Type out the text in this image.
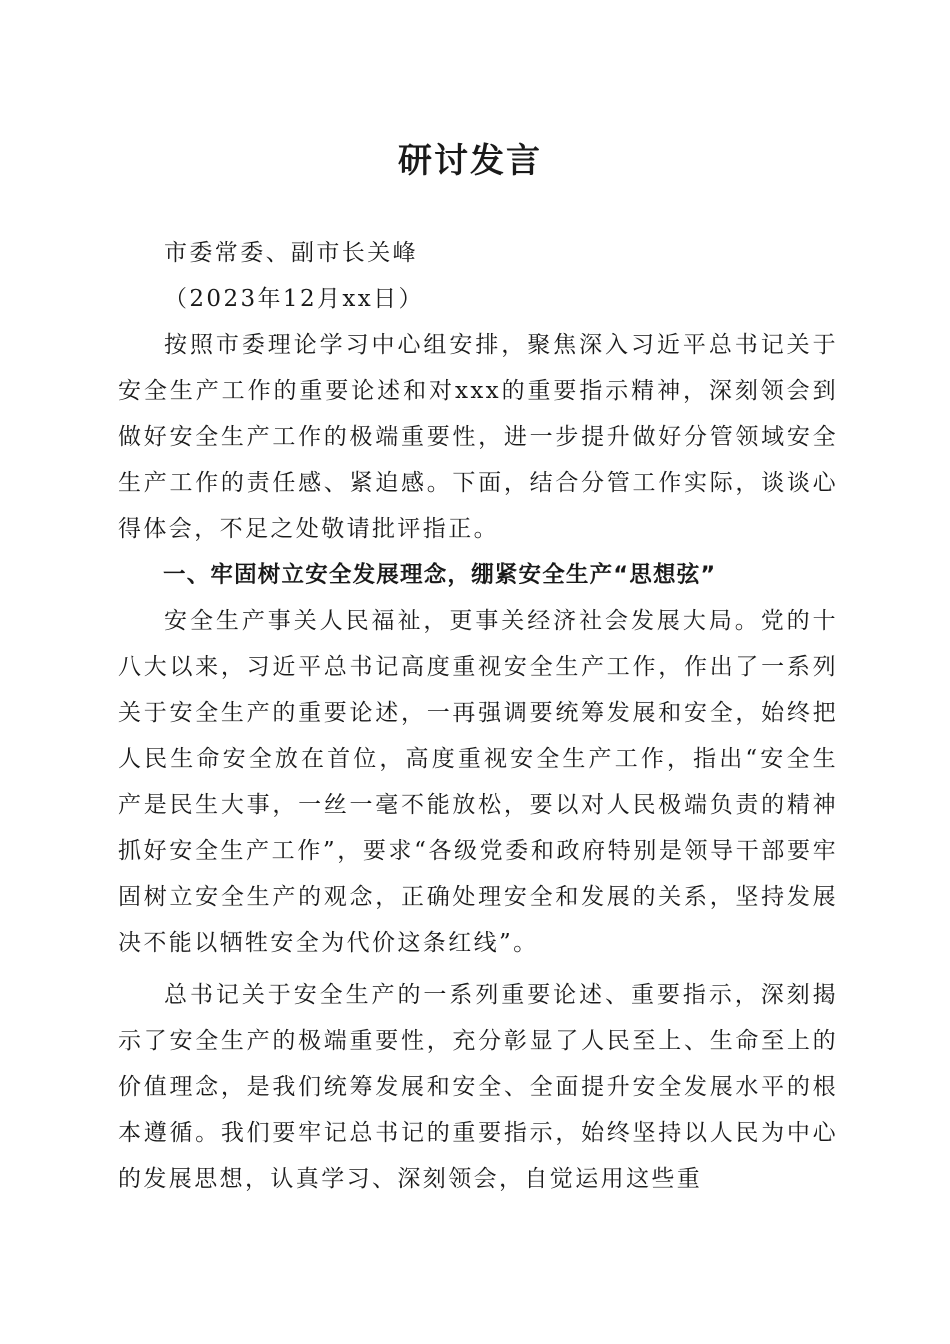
研讨发言

市委常委、副市长关峰

（2023年12月xx日）

按照市委理论学习中心组安排，聚焦深入习近平总书记关于安全生产工作的重要论述和对xxx的重要指示精神，深刻领会到做好安全生产工作的极端重要性，进一步提升做好分管领域安全生产工作的责任感、紧迫感。下面，结合分管工作实际，谈谈心得体会，不足之处敬请批评指正。

一、牢固树立安全发展理念，绷紧安全生产“思想弦”

安全生产事关人民福祉，更事关经济社会发展大局。党的十八大以来，习近平总书记高度重视安全生产工作，作出了一系列关于安全生产的重要论述，一再强调要统筹发展和安全，始终把人民生命安全放在首位，高度重视安全生产工作，指出“安全生产是民生大事，一丝一毫不能放松，要以对人民极端负责的精神抓好安全生产工作”，要求“各级党委和政府特别是领导干部要牢固树立安全生产的观念，正确处理安全和发展的关系，坚持发展决不能以牺牲安全为代价这条红线”。

总书记关于安全生产的一系列重要论述、重要指示，深刻揭示了安全生产的极端重要性，充分彰显了人民至上、生命至上的价值理念，是我们统筹发展和安全、全面提升安全发展水平的根本遵循。我们要牢记总书记的重要指示，始终坚持以人民为中心的发展思想，认真学习、深刻领会，自觉运用这些重
